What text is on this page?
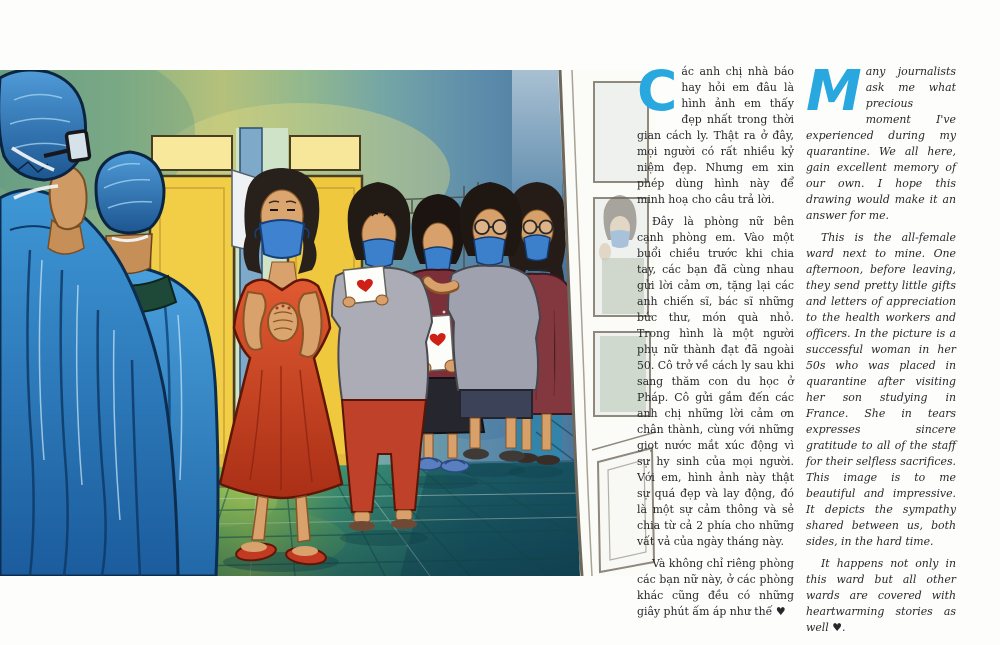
Các anh chị nhà báo hay hỏi em đâu là hình ảnh em thấy đẹp nhất trong thời gian cách ly. Thật ra ở đây, mọi người có rất nhiều kỷ niệm đẹp. Nhưng em xin phép dùng hình này để minh hoạ cho câu trả lời.

Đây là phòng nữ bên cạnh phòng em. Vào một buổi chiều trước khi chia tay, các bạn đã cùng nhau gửi lời cảm ơn, tặng lại các anh chiến sĩ, bác sĩ những bức thư, món quà nhỏ. Trong hình là một người phụ nữ thành đạt đã ngoài 50. Cô trở về cách ly sau khi sang thăm con du học ở Pháp. Cô gửi gắm đến các anh chị những lời cảm ơn chân thành, cùng với những giọt nước mắt xúc động vì sự hy sinh của mọi người. Với em, hình ảnh này thật sự quá đẹp và lay động, đó là một sự cảm thông và sẻ chia từ cả 2 phía cho những vất vả của ngày tháng này.

Và không chỉ riêng phòng các bạn nữ này, ở các phòng khác cũng đều có những giây phút ấm áp như thế ♥

Many journalists ask me what precious moment I've experienced during my quarantine. We all here, gain excellent memory of our own. I hope this drawing would make it an answer for me.

This is the all-female ward next to mine. One afternoon, before leaving, they send pretty little gifts and letters of appreciation to the health workers and officers. In the picture is a successful woman in her 50s who was placed in quarantine after visiting her son studying in France. She in tears expresses sincere gratitude to all of the staff for their selfless sacrifices. This image is to me beautiful and impressive. It depicts the sympathy shared between us, both sides, in the hard time.

It happens not only in this ward but all other wards are covered with heartwarming stories as well ♥.
